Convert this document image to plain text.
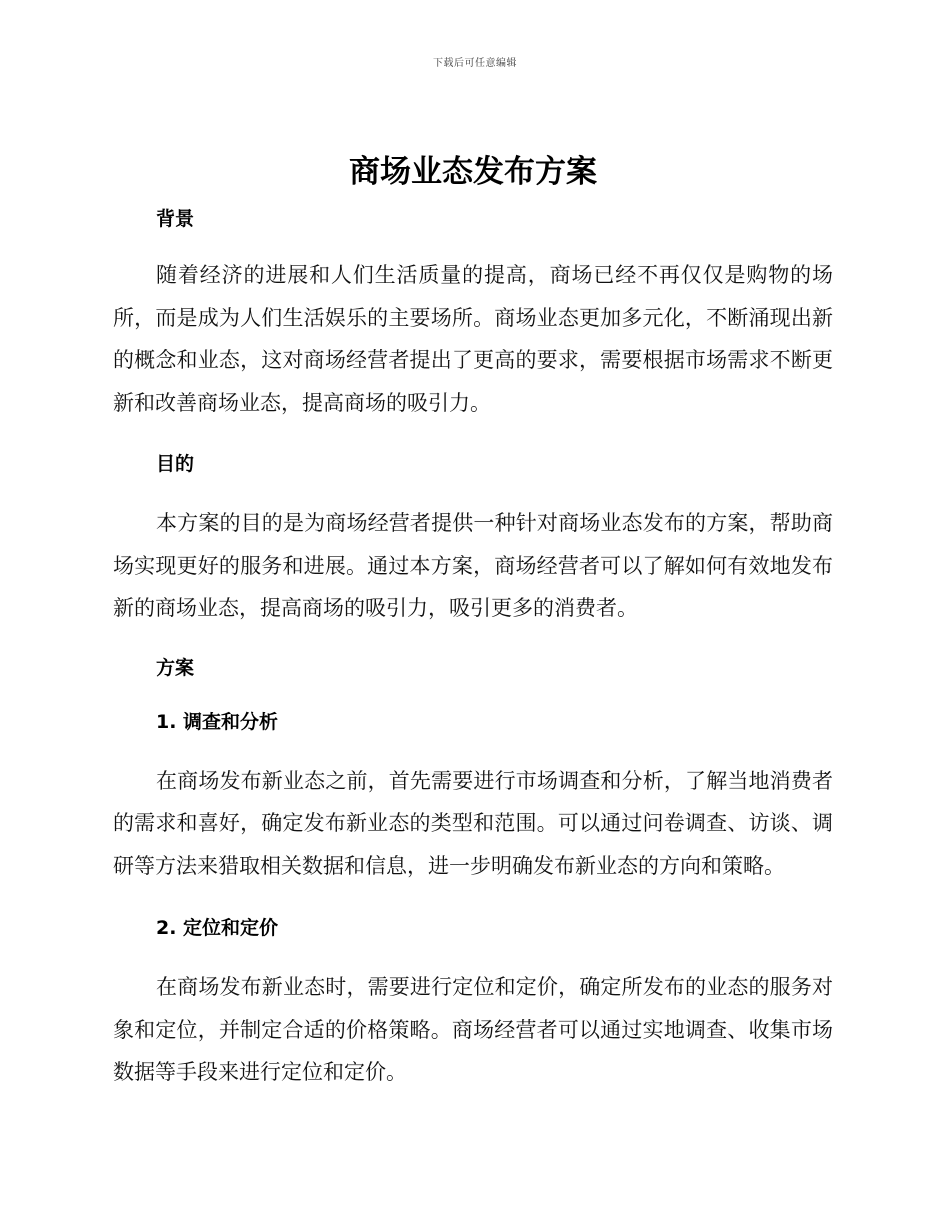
下载后可任意编辑
商场业态发布方案
背景

随着经济的进展和人们生活质量的提高，商场已经不再仅仅是购物的场所，而是成为人们生活娱乐的主要场所。商场业态更加多元化，不断涌现出新的概念和业态，这对商场经营者提出了更高的要求，需要根据市场需求不断更新和改善商场业态，提高商场的吸引力。

目的

本方案的目的是为商场经营者提供一种针对商场业态发布的方案，帮助商场实现更好的服务和进展。通过本方案，商场经营者可以了解如何有效地发布新的商场业态，提高商场的吸引力，吸引更多的消费者。

方案
1. 调查和分析

在商场发布新业态之前，首先需要进行市场调查和分析，了解当地消费者的需求和喜好，确定发布新业态的类型和范围。可以通过问卷调查、访谈、调研等方法来猎取相关数据和信息，进一步明确发布新业态的方向和策略。

2. 定位和定价

在商场发布新业态时，需要进行定位和定价，确定所发布的业态的服务对象和定位，并制定合适的价格策略。商场经营者可以通过实地调查、收集市场数据等手段来进行定位和定价。
